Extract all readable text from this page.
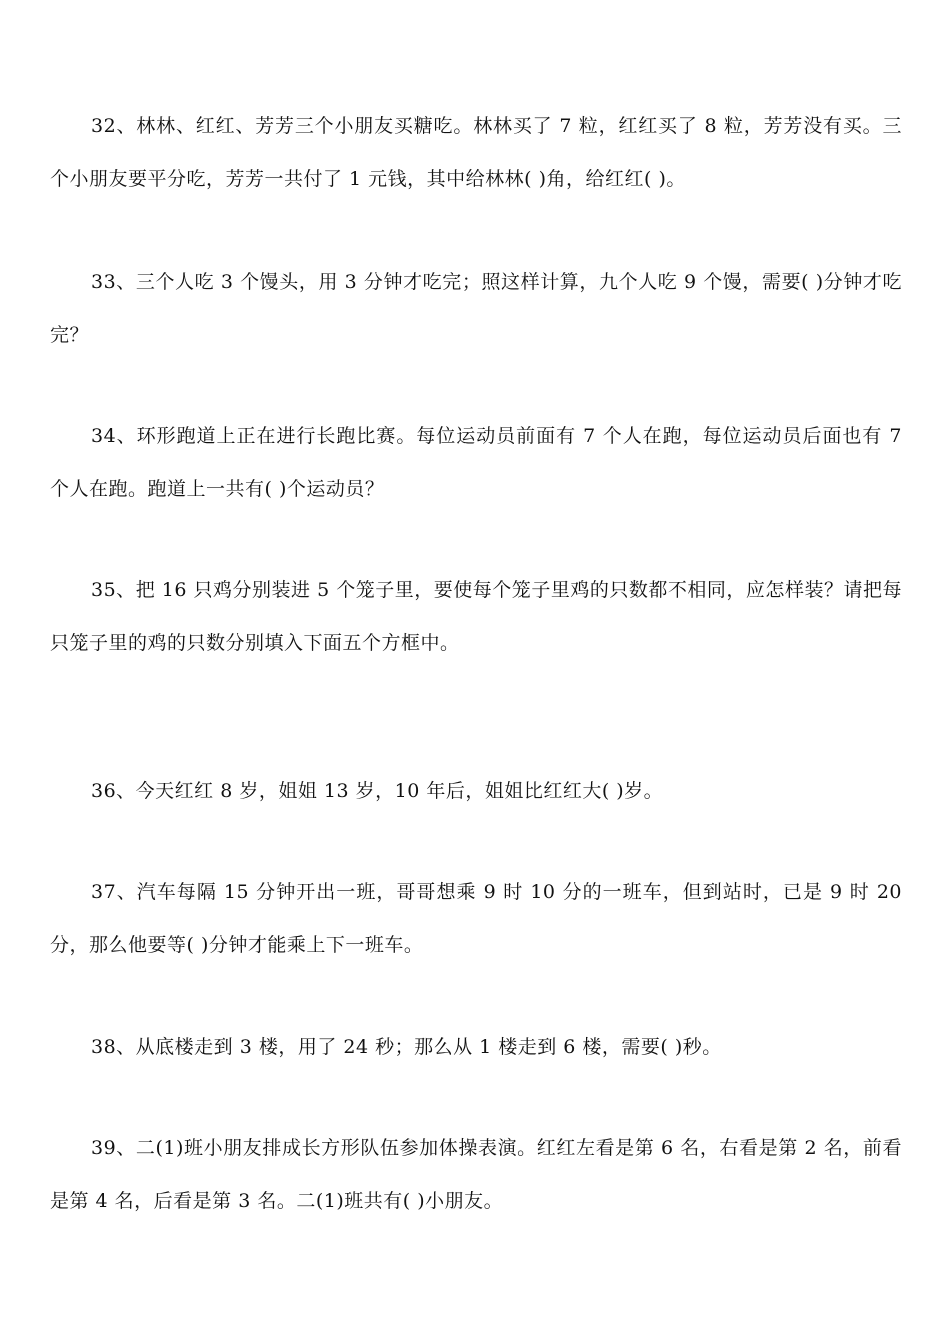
32、林林、红红、芳芳三个小朋友买糖吃。林林买了 7 粒，红红买了 8 粒，芳芳没有买。三个小朋友要平分吃，芳芳一共付了 1 元钱，其中给林林( )角，给红红( )。

33、三个人吃 3 个馒头，用 3 分钟才吃完；照这样计算，九个人吃 9 个馒，需要( )分钟才吃完？

34、环形跑道上正在进行长跑比赛。每位运动员前面有 7 个人在跑，每位运动员后面也有 7 个人在跑。跑道上一共有( )个运动员？

35、把 16 只鸡分别装进 5 个笼子里，要使每个笼子里鸡的只数都不相同，应怎样装？请把每只笼子里的鸡的只数分别填入下面五个方框中。

36、今天红红 8 岁，姐姐 13 岁，10 年后，姐姐比红红大( )岁。

37、汽车每隔 15 分钟开出一班，哥哥想乘 9 时 10 分的一班车，但到站时，已是 9 时 20 分，那么他要等( )分钟才能乘上下一班车。

38、从底楼走到 3 楼，用了 24 秒；那么从 1 楼走到 6 楼，需要( )秒。

39、二(1)班小朋友排成长方形队伍参加体操表演。红红左看是第 6 名，右看是第 2 名，前看是第 4 名，后看是第 3 名。二(1)班共有( )小朋友。
